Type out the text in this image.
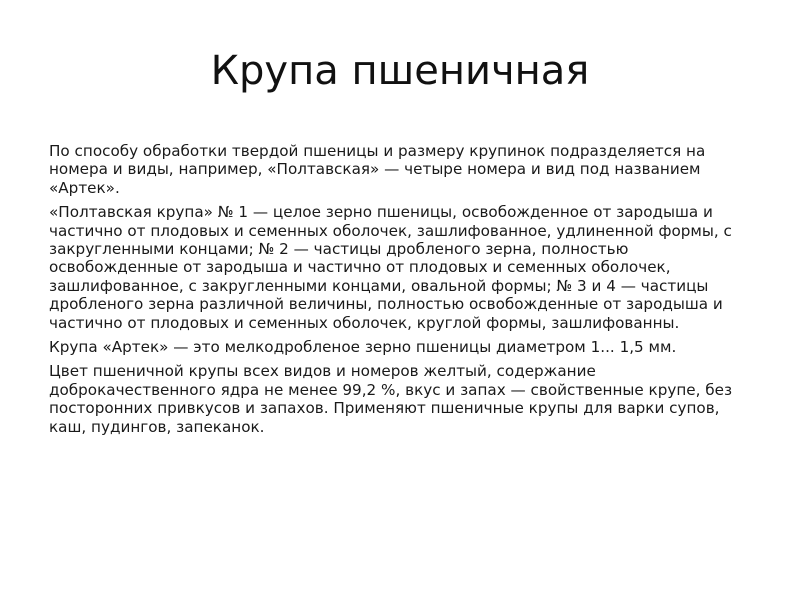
Крупа пшеничная

По способу обработки твердой пшеницы и размеру крупинок подразделяется на номера и виды, например, «Полтавская» — четыре номера и вид под названием «Артек».

«Полтавская крупа» № 1 — целое зерно пшеницы, освобожденное от зародыша и частично от плодовых и семенных оболочек, зашлифованное, удлиненной формы, с закругленными концами; № 2 — частицы дробленого зерна, полностью освобожденные от зародыша и частично от плодовых и семенных оболочек, зашлифованное, с закругленными концами, овальной формы; № 3 и 4 — частицы дробленого зерна различной величины, полностью освобожденные от зародыша и частично от плодовых и семенных оболочек, круглой формы, зашлифованны.

Крупа «Артек» — это мелкодробленое зерно пшеницы диаметром 1... 1,5 мм.

Цвет пшеничной крупы всех видов и номеров желтый, содержание доброкачественного ядра не менее 99,2 %, вкус и запах — свойственные крупе, без посторонних привкусов и запахов. Применяют пшеничные крупы для варки супов, каш, пудингов, запеканок.
